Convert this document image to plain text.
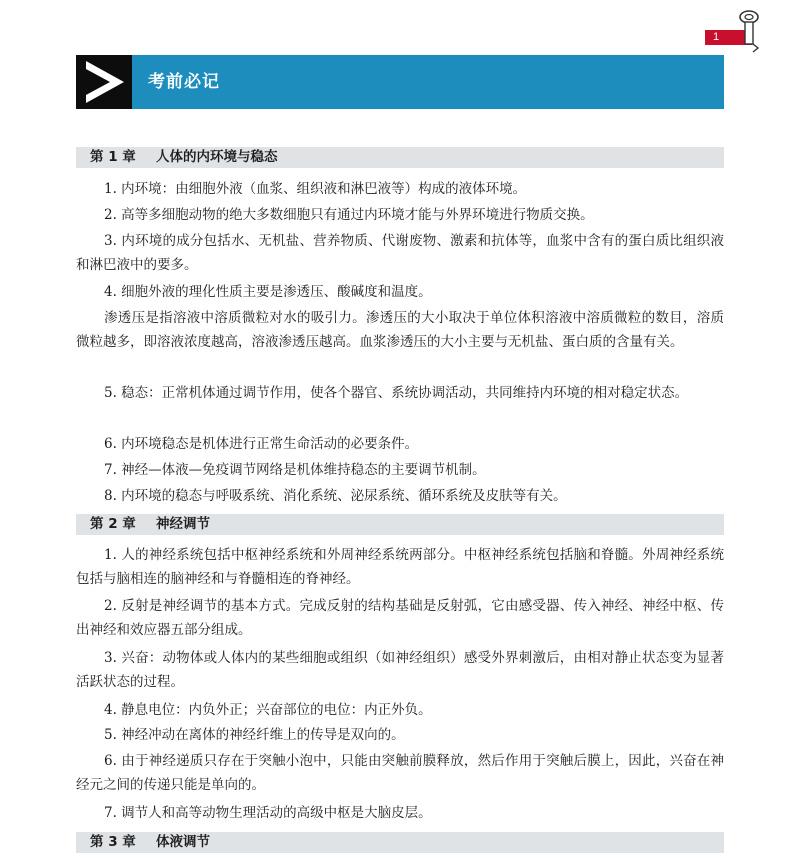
1
考前必记
第 1 章 人体的内环境与稳态

1. 内环境：由细胞外液（血浆、组织液和淋巴液等）构成的液体环境。

2. 高等多细胞动物的绝大多数细胞只有通过内环境才能与外界环境进行物质交换。

3. 内环境的成分包括水、无机盐、营养物质、代谢废物、激素和抗体等，血浆中含有的蛋白质比组织液和淋巴液中的要多。

4. 细胞外液的理化性质主要是渗透压、酸碱度和温度。

渗透压是指溶液中溶质微粒对水的吸引力。渗透压的大小取决于单位体积溶液中溶质微粒的数目，溶质微粒越多，即溶液浓度越高，溶液渗透压越高。血浆渗透压的大小主要与无机盐、蛋白质的含量有关。

5. 稳态：正常机体通过调节作用，使各个器官、系统协调活动，共同维持内环境的相对稳定状态。

6. 内环境稳态是机体进行正常生命活动的必要条件。

7. 神经—体液—免疫调节网络是机体维持稳态的主要调节机制。

8. 内环境的稳态与呼吸系统、消化系统、泌尿系统、循环系统及皮肤等有关。

第 2 章 神经调节

1. 人的神经系统包括中枢神经系统和外周神经系统两部分。中枢神经系统包括脑和脊髓。外周神经系统包括与脑相连的脑神经和与脊髓相连的脊神经。

2. 反射是神经调节的基本方式。完成反射的结构基础是反射弧，它由感受器、传入神经、神经中枢、传出神经和效应器五部分组成。

3. 兴奋：动物体或人体内的某些细胞或组织（如神经组织）感受外界刺激后，由相对静止状态变为显著活跃状态的过程。

4. 静息电位：内负外正；兴奋部位的电位：内正外负。

5. 神经冲动在离体的神经纤维上的传导是双向的。

6. 由于神经递质只存在于突触小泡中，只能由突触前膜释放，然后作用于突触后膜上，因此，兴奋在神经元之间的传递只能是单向的。

7. 调节人和高等动物生理活动的高级中枢是大脑皮层。

第 3 章 体液调节
